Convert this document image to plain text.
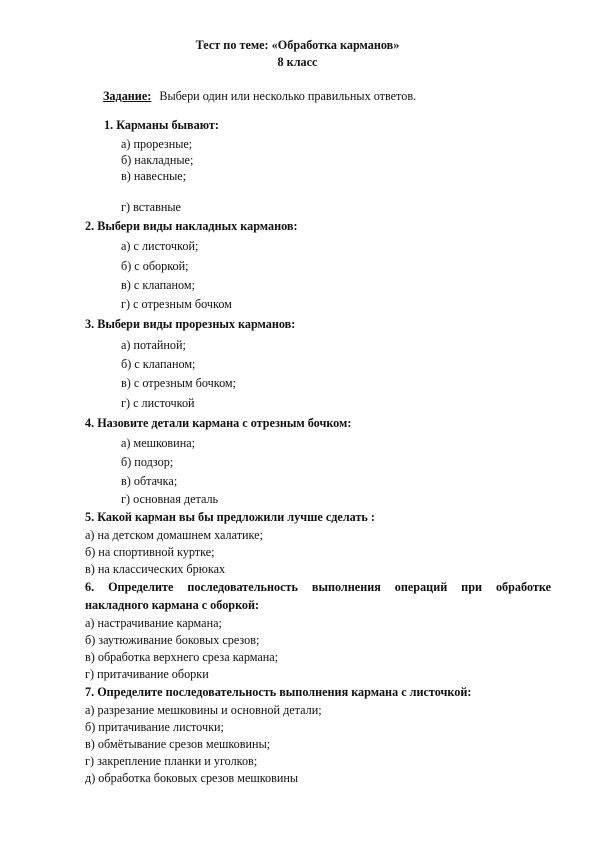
Тест по теме: «Обработка карманов»
8 класс
Задание: Выбери один или несколько правильных ответов.
1. Карманы бывают:
а) прорезные;
б) накладные;
в) навесные;
г) вставные
2. Выбери виды накладных карманов:
а) с листочкой;
б) с оборкой;
в) с клапаном;
г) с отрезным бочком
3. Выбери виды прорезных карманов:
а) потайной;
б) с клапаном;
в) с отрезным бочком;
г) с листочкой
4. Назовите детали кармана с отрезным бочком:
а) мешковина;
б) подзор;
в) обтачка;
г) основная деталь
5. Какой карман вы бы предложили лучше сделать :
а) на детском домашнем халатике;
б) на спортивной куртке;
в) на классических брюках
6. Определите последовательность выполнения операций при обработке
накладного кармана с оборкой:
а) настрачивание кармана;
б) заутюживание боковых срезов;
в) обработка верхнего среза кармана;
г) притачивание оборки
7. Определите последовательность выполнения кармана с листочкой:
а) разрезание мешковины и основной детали;
б) притачивание листочки;
в) обмётывание срезов мешковины;
г) закрепление планки и уголков;
д) обработка боковых срезов мешковины
